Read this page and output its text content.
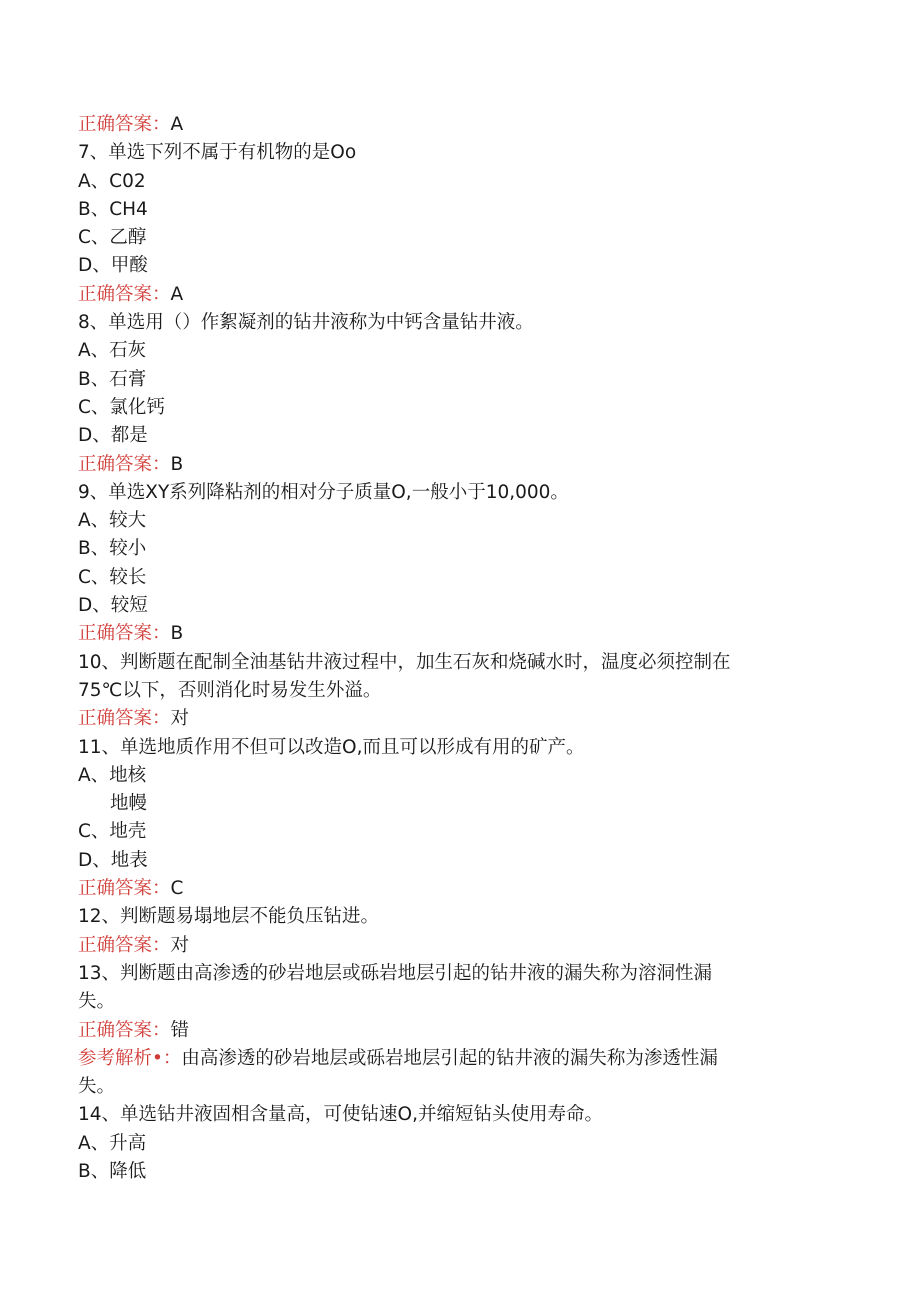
正确答案：A
7、单选下列不属于有机物的是Oo
A、C02
B、CH4
C、乙醇
D、甲酸
正确答案：A
8、单选用（）作絮凝剂的钻井液称为中钙含量钻井液。
A、石灰
B、石膏
C、氯化钙
D、都是
正确答案：B
9、单选XY系列降粘剂的相对分子质量O,一般小于10,000。
A、较大
B、较小
C、较长
D、较短
正确答案：B
10、判断题在配制全油基钻井液过程中，加生石灰和烧碱水时，温度必须控制在
75℃以下，否则消化时易发生外溢。
正确答案：对
11、单选地质作用不但可以改造O,而且可以形成有用的矿产。
A、地核
地幔
C、地壳
D、地表
正确答案：C
12、判断题易塌地层不能负压钻进。
正确答案：对
13、判断题由高渗透的砂岩地层或砾岩地层引起的钻井液的漏失称为溶洞性漏
失。
正确答案：错
参考解析•：由高渗透的砂岩地层或砾岩地层引起的钻井液的漏失称为渗透性漏
失。
14、单选钻井液固相含量高，可使钻速O,并缩短钻头使用寿命。
A、升高
B、降低
